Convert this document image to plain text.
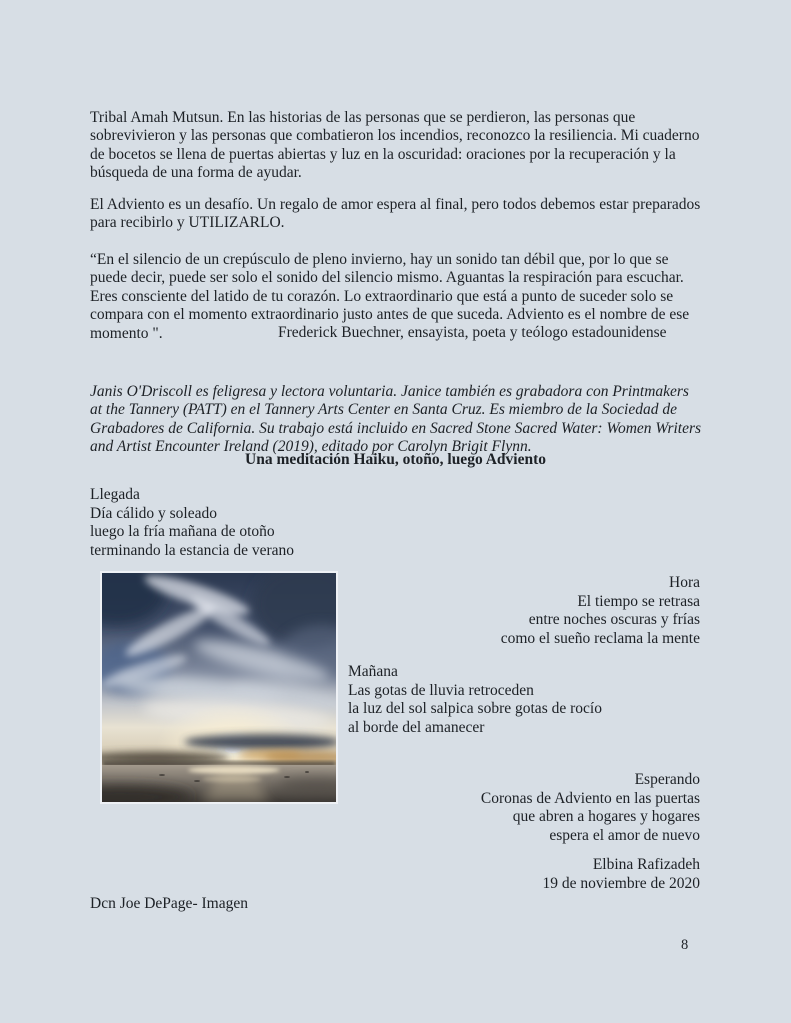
Tribal Amah Mutsun. En las historias de las personas que se perdieron, las personas que sobrevivieron y las personas que combatieron los incendios, reconozco la resiliencia. Mi cuaderno de bocetos se llena de puertas abiertas y luz en la oscuridad: oraciones por la recuperación y la búsqueda de una forma de ayudar.

El Adviento es un desafío. Un regalo de amor espera al final, pero todos debemos estar preparados para recibirlo y UTILIZARLO.

“En el silencio de un crepúsculo de pleno invierno, hay un sonido tan débil que, por lo que se puede decir, puede ser solo el sonido del silencio mismo. Aguantas la respiración para escuchar. Eres consciente del latido de tu corazón. Lo extraordinario que está a punto de suceder solo se compara con el momento extraordinario justo antes de que suceda. Adviento es el nombre de ese momento ".	Frederick Buechner, ensayista, poeta y teólogo estadounidense

Janis O'Driscoll es feligresa y lectora voluntaria. Janice también es grabadora con Printmakers at the Tannery (PATT) en el Tannery Arts Center en Santa Cruz. Es miembro de la Sociedad de Grabadores de California. Su trabajo está incluido en Sacred Stone Sacred Water: Women Writers and Artist Encounter Ireland (2019), editado por Carolyn Brigit Flynn.

Una meditación Haiku, otoño, luego Adviento
Llegada
Día cálido y soleado
luego la fría mañana de otoño
terminando la estancia de verano
Hora
El tiempo se retrasa
entre noches oscuras y frías
como el sueño reclama la mente
Mañana
Las gotas de lluvia retroceden
la luz del sol salpica sobre gotas de rocío
al borde del amanecer
Esperando
Coronas de Adviento en las puertas
que abren a hogares y hogares
espera el amor de nuevo
Elbina Rafizadeh
19 de noviembre de 2020
Dcn Joe DePage- Imagen
8
